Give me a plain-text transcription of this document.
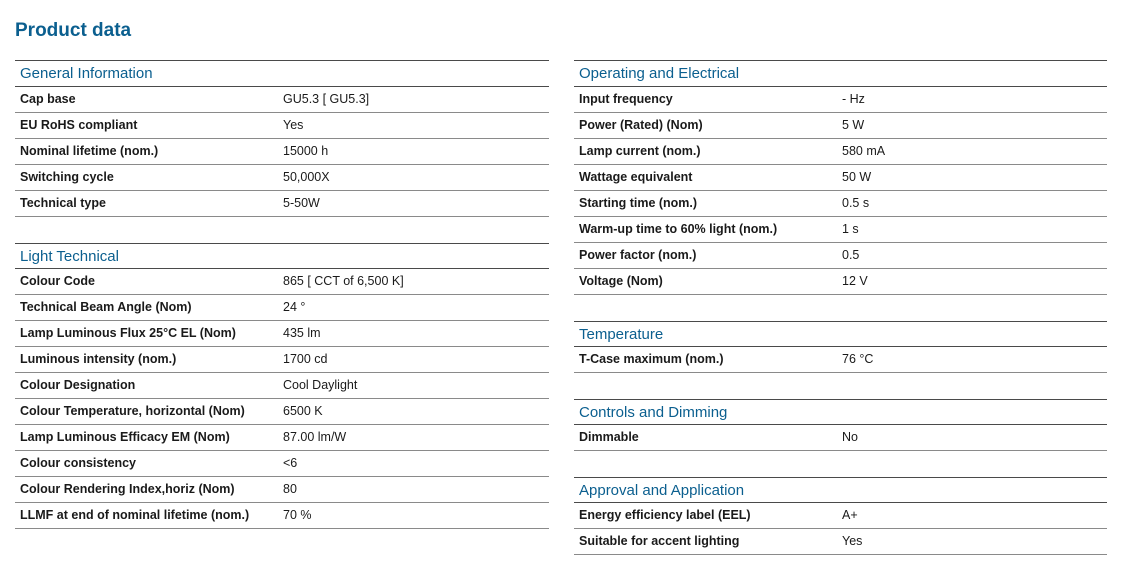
Product data
General Information
Cap base	GU5.3 [ GU5.3]
EU RoHS compliant	Yes
Nominal lifetime (nom.)	15000 h
Switching cycle	50,000X
Technical type	5-50W
Light Technical
Colour Code	865 [ CCT of 6,500 K]
Technical Beam Angle (Nom)	24 °
Lamp Luminous Flux 25°C EL (Nom)	435 lm
Luminous intensity (nom.)	1700 cd
Colour Designation	Cool Daylight
Colour Temperature, horizontal (Nom)	6500 K
Lamp Luminous Efficacy EM (Nom)	87.00 lm/W
Colour consistency	<6
Colour Rendering Index,horiz (Nom)	80
LLMF at end of nominal lifetime (nom.)	70 %
Operating and Electrical
Input frequency	- Hz
Power (Rated) (Nom)	5 W
Lamp current (nom.)	580 mA
Wattage equivalent	50 W
Starting time (nom.)	0.5 s
Warm-up time to 60% light (nom.)	1 s
Power factor (nom.)	0.5
Voltage (Nom)	12 V
Temperature
T-Case maximum (nom.)	76 °C
Controls and Dimming
Dimmable	No
Approval and Application
Energy efficiency label (EEL)	A+
Suitable for accent lighting	Yes
